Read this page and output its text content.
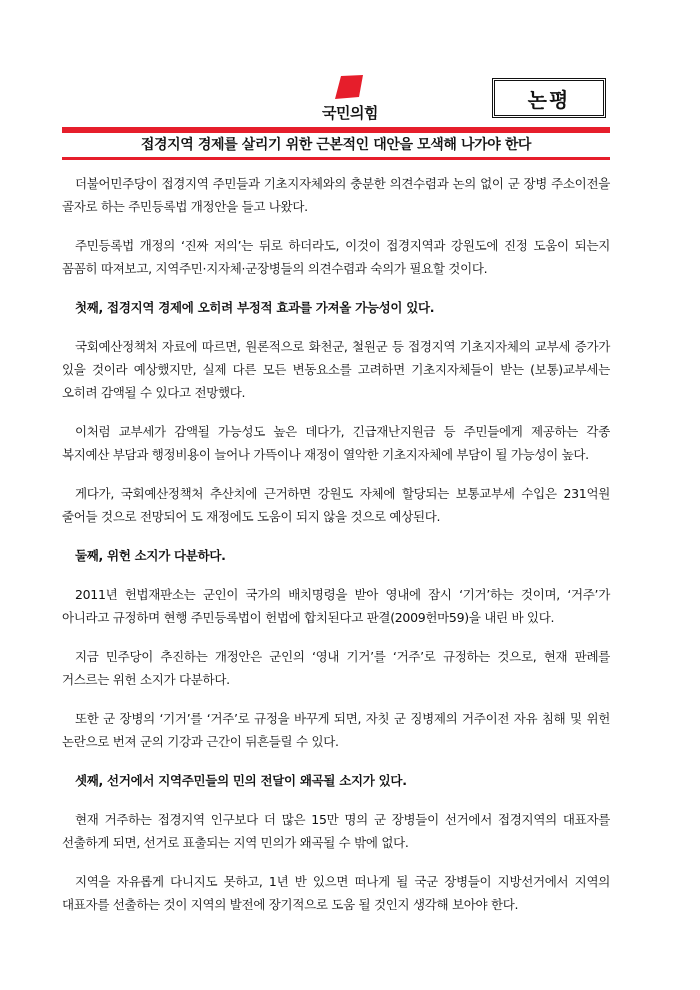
국민의힘
논평
접경지역 경제를 살리기 위한 근본적인 대안을 모색해 나가야 한다

더불어민주당이 접경지역 주민들과 기초지자체와의 충분한 의견수렴과 논의 없이 군 장병 주소이전을 골자로 하는 주민등록법 개정안을 들고 나왔다.

주민등록법 개정의 ‘진짜 저의’는 뒤로 하더라도, 이것이 접경지역과 강원도에 진정 도움이 되는지 꼼꼼히 따져보고, 지역주민·지자체·군장병들의 의견수렴과 숙의가 필요할 것이다.

첫째, 접경지역 경제에 오히려 부정적 효과를 가져올 가능성이 있다.

국회예산정책처 자료에 따르면, 원론적으로 화천군, 철원군 등 접경지역 기초지자체의 교부세 증가가 있을 것이라 예상했지만, 실제 다른 모든 변동요소를 고려하면 기초지자체들이 받는 (보통)교부세는 오히려 감액될 수 있다고 전망했다.

이처럼 교부세가 감액될 가능성도 높은 데다가, 긴급재난지원금 등 주민들에게 제공하는 각종 복지예산 부담과 행정비용이 늘어나 가뜩이나 재정이 열악한 기초지자체에 부담이 될 가능성이 높다.

게다가, 국회예산정책처 추산치에 근거하면 강원도 자체에 할당되는 보통교부세 수입은 231억원 줄어들 것으로 전망되어 도 재정에도 도움이 되지 않을 것으로 예상된다.

둘째, 위헌 소지가 다분하다.

2011년 헌법재판소는 군인이 국가의 배치명령을 받아 영내에 잠시 ‘기거’하는 것이며, ‘거주’가 아니라고 규정하며 현행 주민등록법이 헌법에 합치된다고 판결(2009헌마59)을 내린 바 있다.

지금 민주당이 추진하는 개정안은 군인의 ‘영내 기거’를 ‘거주’로 규정하는 것으로, 현재 판례를 거스르는 위헌 소지가 다분하다.

또한 군 장병의 ‘기거’를 ‘거주’로 규정을 바꾸게 되면, 자칫 군 징병제의 거주이전 자유 침해 및 위헌 논란으로 번져 군의 기강과 근간이 뒤흔들릴 수 있다.

셋째, 선거에서 지역주민들의 민의 전달이 왜곡될 소지가 있다.

현재 거주하는 접경지역 인구보다 더 많은 15만 명의 군 장병들이 선거에서 접경지역의 대표자를 선출하게 되면, 선거로 표출되는 지역 민의가 왜곡될 수 밖에 없다.

지역을 자유롭게 다니지도 못하고, 1년 반 있으면 떠나게 될 국군 장병들이 지방선거에서 지역의 대표자를 선출하는 것이 지역의 발전에 장기적으로 도움 될 것인지 생각해 보아야 한다.
